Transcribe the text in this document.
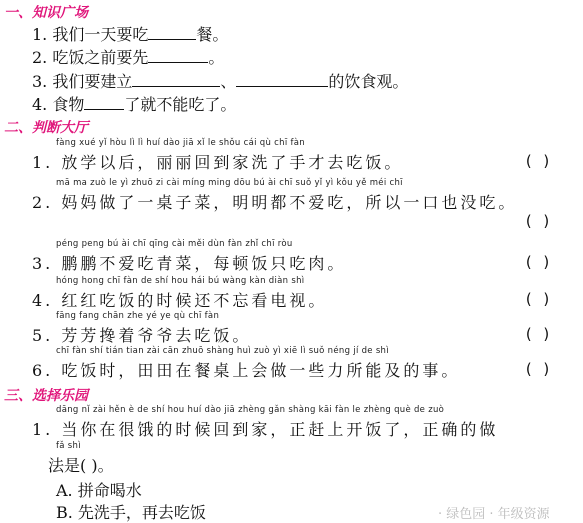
一、知识广场
1. 我们一天要吃	餐。
2. 吃饭之前要先	。
3. 我们要建立	、	的饮食观。
4. 食物	了就不能吃了。
二、判断大厅
fàng xué yǐ hòu lì lì huí dào jiā xǐ le shǒu cái qù chī fàn
1. 放学以后，丽丽回到家洗了手才去吃饭。	( )
mā ma zuò le yì zhuō zi cài míng ming dōu bú ài chī suǒ yǐ yì kǒu yě méi chī
2. 妈妈做了一桌子菜，明明都不爱吃，所以一口也没吃。
( )
péng peng bú ài chī qīng cài měi dùn fàn zhǐ chī ròu
3. 鹏鹏不爱吃青菜，每顿饭只吃肉。	( )
hóng hong chī fàn de shí hou hái bú wàng kàn diàn shì
4. 红红吃饭的时候还不忘看电视。	( )
fāng fang chān zhe yé ye qù chī fàn
5. 芳芳搀着爷爷去吃饭。	( )
chī fàn shí tián tian zài cān zhuō shàng huì zuò yì xiē lì suǒ néng jí de shì
6. 吃饭时，田田在餐桌上会做一些力所能及的事。	( )
三、选择乐园
dāng nǐ zài hěn è de shí hou huí dào jiā zhèng gǎn shàng kāi fàn le zhèng què de zuò
1. 当你在很饿的时候回到家，正赶上开饭了，正确的做
fǎ shì
法是( )。
A. 拼命喝水
B. 先洗手，再去吃饭	· 绿色园 · 年级资源
